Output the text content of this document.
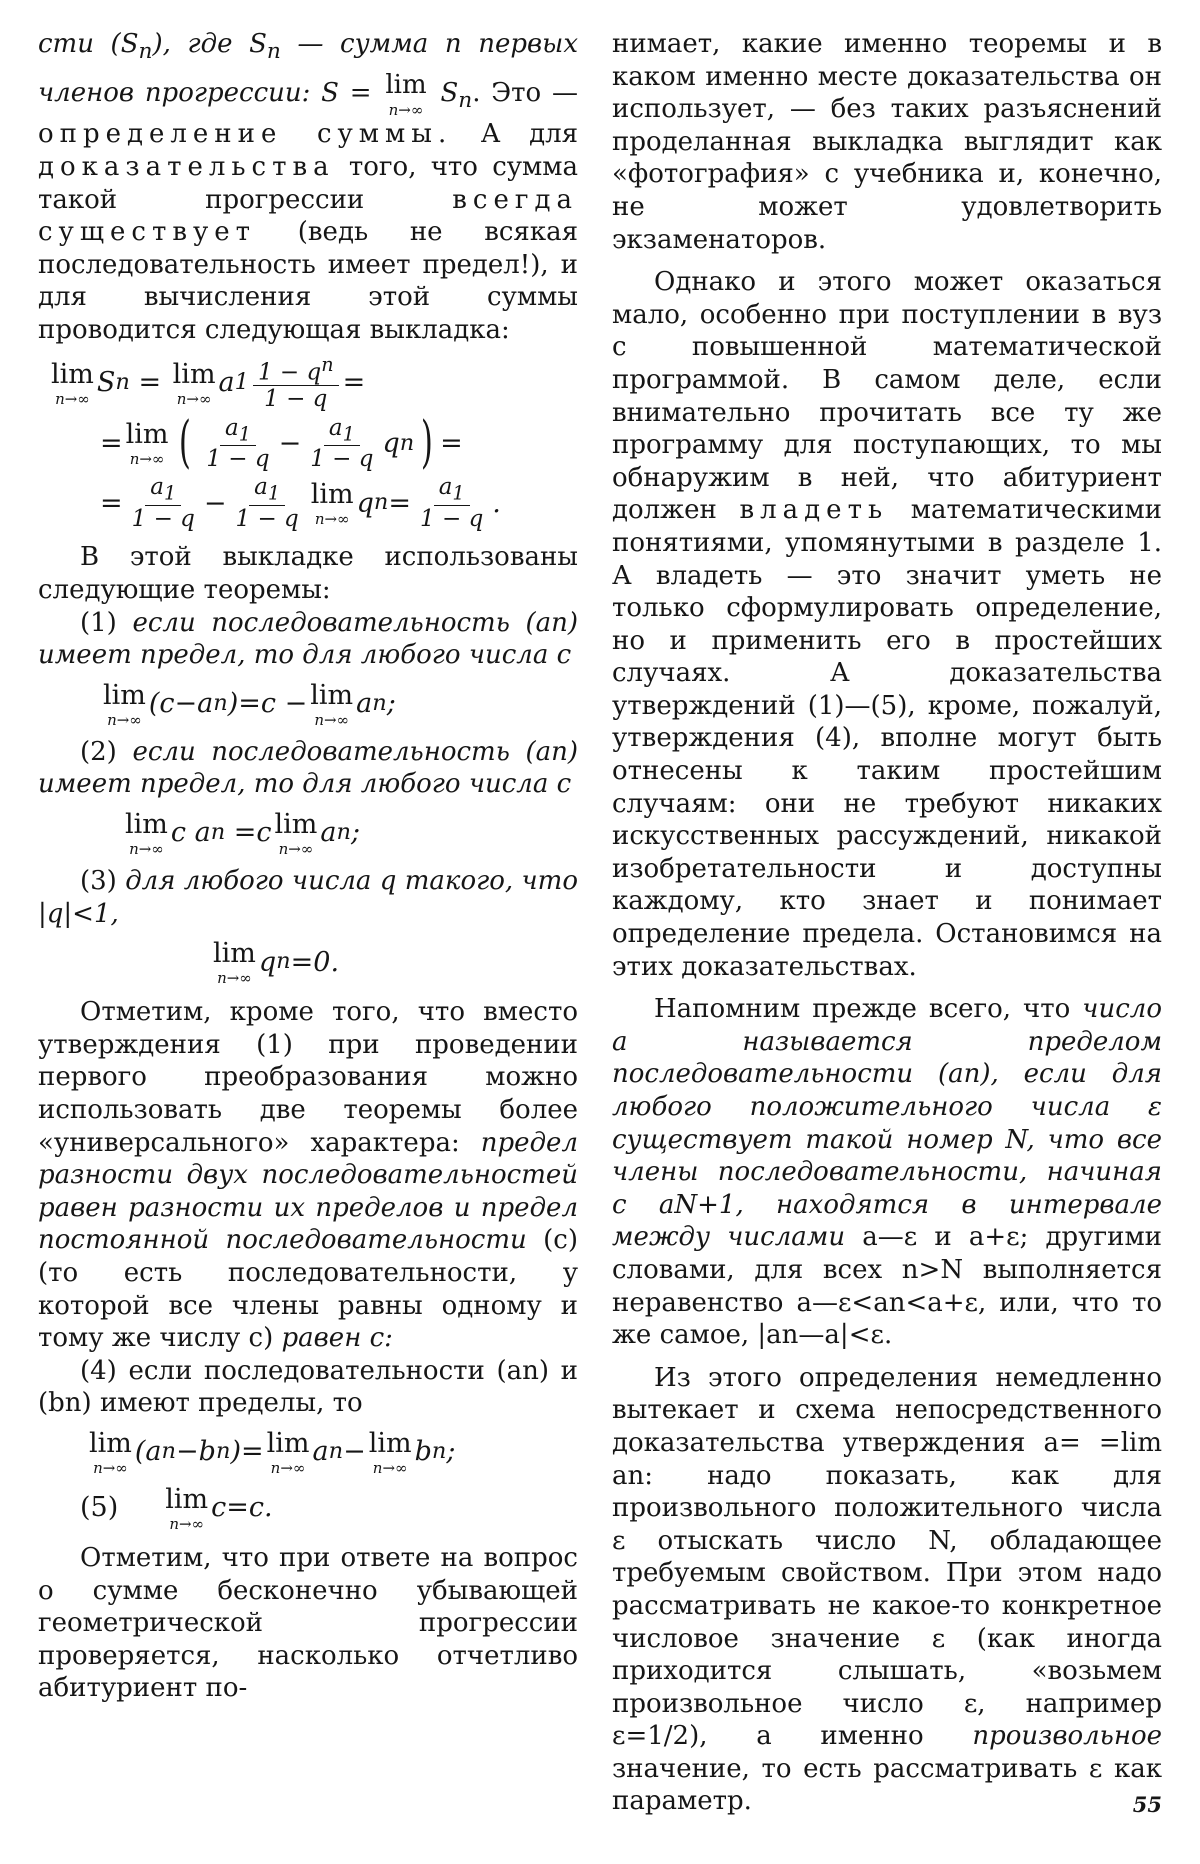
сти $(S_n)$, где $S_n$ — сумма n первых членов прогрессии: S = lim
n→∞
$S_n$. Это — определение суммы. А для доказательства того, что сумма такой прогрессии всегда существует (ведь не всякая последовательность имеет предел!), и для вычисления этой суммы проводится следующая выкладка:

lim
n→∞
S n = lim
n→∞
a $1 \frac{1 - q^n}{1 - q}$ =
= lim
n→∞ ( $\frac{a_1}{1 - q} - \frac{a_1}{1 - q}$ q n ) =
= $\frac{a_1}{1 - q} - \frac{a_1}{1 - q}$ lim
n→∞
q $n = \frac{a_1}{1 - q}$ .

В этой выкладке использованы следующие теоремы:

(1) если последовательность (an) имеет предел, то для любого числа c

lim
n→∞
(c−a n )=c − lim
n→∞
a n ;

(2) если последовательность (an) имеет предел, то для любого числа c

lim
n→∞
c a n =c lim
n→∞
a n ;

(3) для любого числа q такого, что |q|<1,

lim
n→∞
q n =0.

Отметим, кроме того, что вместо утверждения (1) при проведении первого преобразования можно использовать две теоремы более «универсального» характера: предел разности двух последовательностей равен разности их пределов и предел постоянной последовательности (c) (то есть последовательности, у которой все члены равны одному и тому же числу c) равен c:

(4) если последовательности (an) и (bn) имеют пределы, то

lim
n→∞
(a n −b n )= lim
n→∞
a n − lim
n→∞
b n ;
(5) lim
n→∞
c=c.

Отметим, что при ответе на вопрос о сумме бесконечно убывающей геометрической прогрессии проверяется, насколько отчетливо абитуриент по-

нимает, какие именно теоремы и в каком именно месте доказательства он использует, — без таких разъяснений проделанная выкладка выглядит как «фотография» с учебника и, конечно, не может удовлетворить экзаменаторов.

Однако и этого может оказаться мало, особенно при поступлении в вуз с повышенной математической программой. В самом деле, если внимательно прочитать все ту же программу для поступающих, то мы обнаружим в ней, что абитуриент должен владеть математическими понятиями, упомянутыми в разделе 1. А владеть — это значит уметь не только сформулировать определение, но и применить его в простейших случаях. А доказательства утверждений (1)—(5), кроме, пожалуй, утверждения (4), вполне могут быть отнесены к таким простейшим случаям: они не требуют никаких искусственных рассуждений, никакой изобретательности и доступны каждому, кто знает и понимает определение предела. Остановимся на этих доказательствах.

Напомним прежде всего, что число a называется пределом последовательности (an), если для любого положительного числа ε существует такой номер N, что все члены последовательности, начиная с aN+1, находятся в интервале между числами a—ε и a+ε; другими словами, для всех n>N выполняется неравенство a—ε<an<a+ε, или, что то же самое, |an—a|<ε.

Из этого определения немедленно вытекает и схема непосредственного доказательства утверждения a= =lim an: надо показать, как для произвольного положительного числа ε отыскать число N, обладающее требуемым свойством. При этом надо рассматривать не какое-то конкретное числовое значение ε (как иногда приходится слышать, «возьмем произвольное число ε, например ε=1/2), а именно произвольное значение, то есть рассматривать ε как параметр.	55
